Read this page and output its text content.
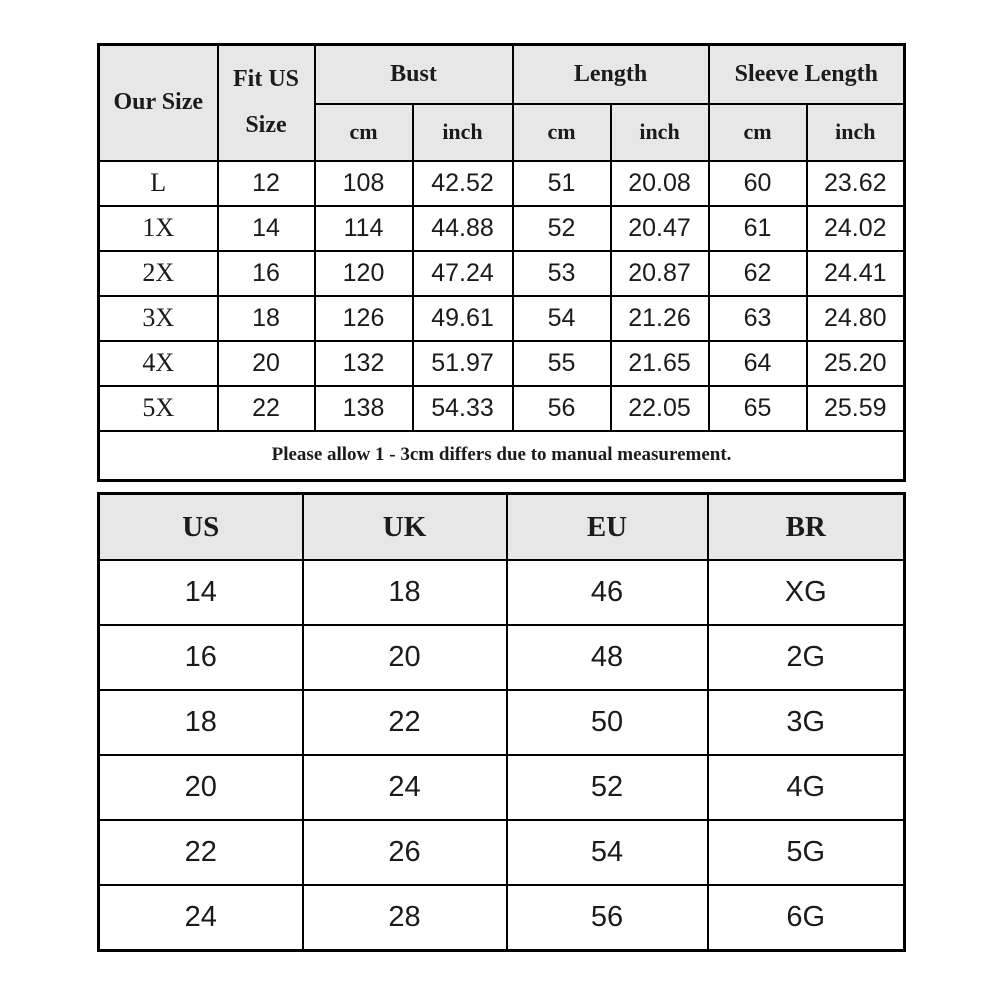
Our Size	Fit US Size	Bust		Length		Sleeve Length	
		cm	inch	cm	inch	cm	inch
L	12	108	42.52	51	20.08	60	23.62
1X	14	114	44.88	52	20.47	61	24.02
2X	16	120	47.24	53	20.87	62	24.41
3X	18	126	49.61	54	21.26	63	24.80
4X	20	132	51.97	55	21.65	64	25.20
5X	22	138	54.33	56	22.05	65	25.59
Please allow 1 - 3cm differs due to manual measurement.							
US	UK	EU	BR
14	18	46	XG
16	20	48	2G
18	22	50	3G
20	24	52	4G
22	26	54	5G
24	28	56	6G
